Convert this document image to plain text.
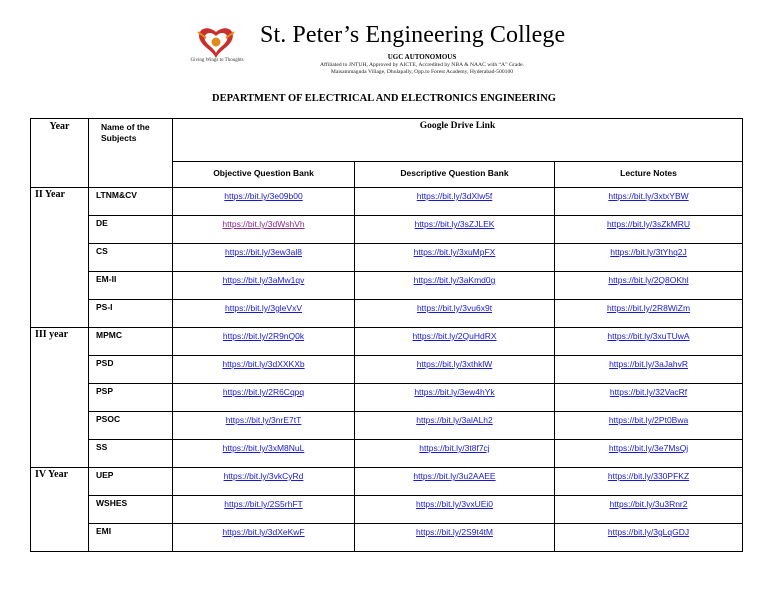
Giving Wings to Thoughts
St. Peter’s Engineering College
UGC AUTONOMOUS
Affiliated to JNTUH, Approved by AICTE, Accredited by NBA & NAAC with “A” Grade.
Maisammaguda Village, Dhulapally, Opp.to Forest Academy, Hyderabad-500100
DEPARTMENT OF ELECTRICAL AND ELECTRONICS ENGINEERING
Year	Name of the Subjects	Google Drive Link		
		Objective Question Bank	Descriptive Question Bank	Lecture Notes
II Year	LTNM&CV	https://bit.ly/3e09b00	https://bit.ly/3dXlw5f	https://bit.ly/3xtxYBW
	DE	https://bit.ly/3dWshVh	https://bit.ly/3sZJLEK	https://bit.ly/3sZkMRU
	CS	https://bit.ly/3ew3al8	https://bit.ly/3xuMpFX	https://bit.ly/3tYhq2J
	EM-II	https://bit.ly/3aMw1qv	https://bit.ly/3aKmd0g	https://bit.ly/2Q8OKhl
	PS-I	https://bit.ly/3gleVxV	https://bit.ly/3vu6x9t	https://bit.ly/2R8WiZm
III year	MPMC	https://bit.ly/2R9nQ0k	https://bit.ly/2QuHdRX	https://bit.ly/3xuTUwA
	PSD	https://bit.ly/3dXXKXb	https://bit.ly/3xthklW	https://bit.ly/3aJahvR
	PSP	https://bit.ly/2R6Cqpq	https://bit.ly/3ew4hYk	https://bit.ly/32VacRf
	PSOC	https://bit.ly/3nrE7tT	https://bit.ly/3alALh2	https://bit.ly/2Pt0Bwa
	SS	https://bit.ly/3xM8NuL	https://bit.ly/3t8f7cj	https://bit.ly/3e7MsQj
IV Year	UEP	https://bit.ly/3vkCyRd	https://bit.ly/3u2AAEE	https://bit.ly/330PFKZ
	WSHES	https://bit.ly/2S5rhFT	https://bit.ly/3vxUEi0	https://bit.ly/3u3Rnr2
	EMI	https://bit.ly/3dXeKwF	https://bit.ly/2S9t4tM	https://bit.ly/3gLqGDJ
